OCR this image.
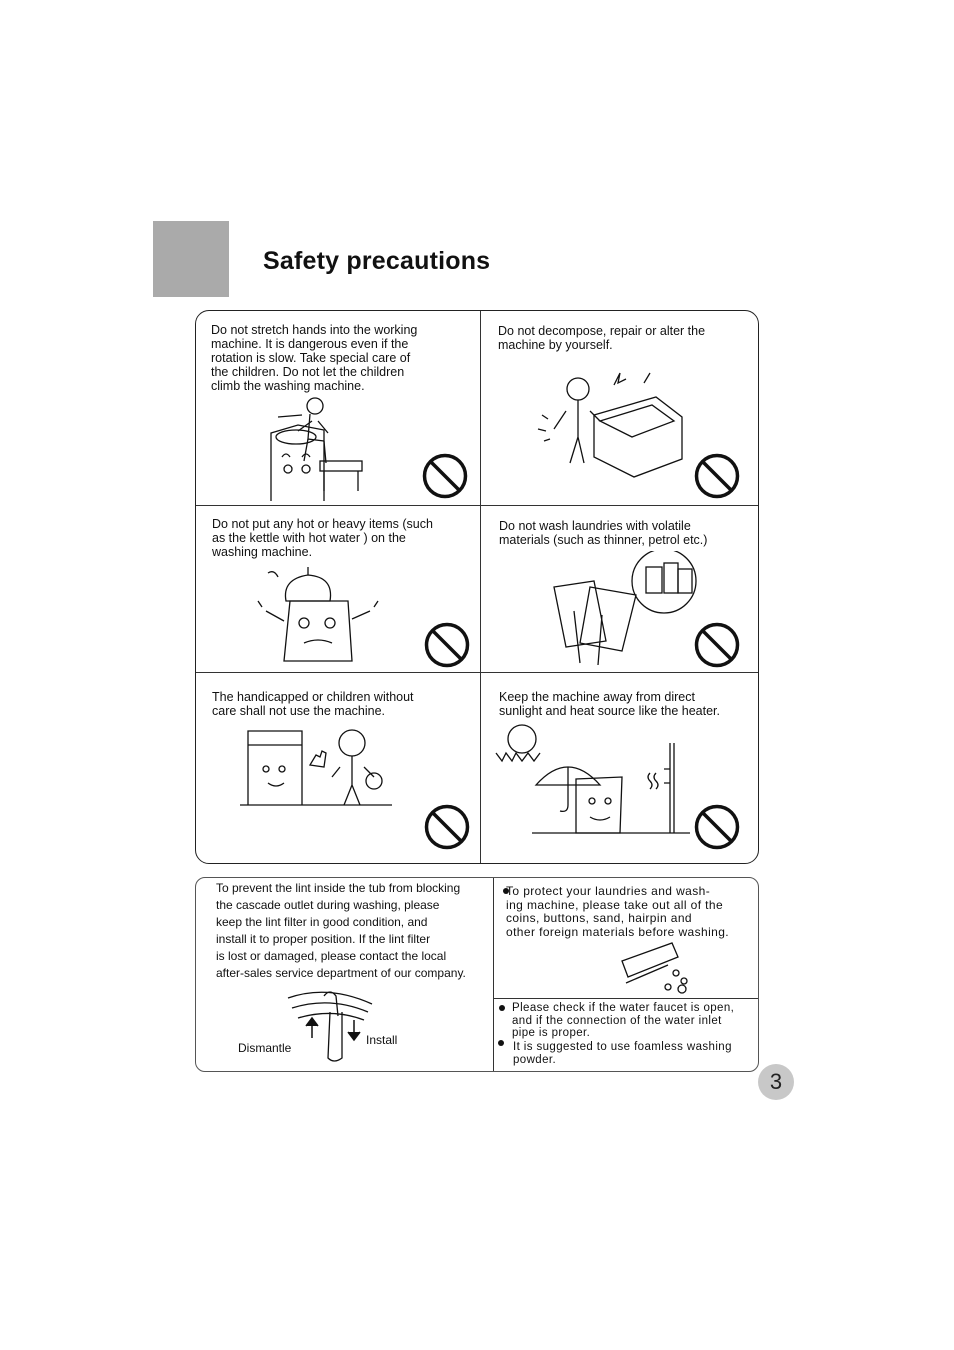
Safety precautions
Do not stretch hands into the working
machine. It is dangerous even if the
rotation is slow. Take special care of
the children. Do not let the children
climb the washing machine.
Do not decompose, repair or alter the
machine by yourself.
Do not put any hot or heavy items (such
as the kettle with hot water ) on the
washing machine.
Do not wash laundries with volatile
materials (such as thinner, petrol etc.)
The handicapped or children without
care shall not use the machine.
Keep the machine away from direct
sunlight and heat source like the heater.
To prevent the lint inside the tub from blocking
the cascade outlet during washing, please
keep the lint filter in good condition, and
install it to proper position. If the lint filter
is lost or damaged, please contact the local
after-sales service department of our company.
Dismantle
Install
To protect your laundries and wash-
ing machine, please take out all of the
coins, buttons, sand, hairpin and
other foreign materials before washing.
Please check if the water faucet is open,
and if the connection of the water inlet
pipe is proper.
It is suggested to use foamless washing
powder.
3
